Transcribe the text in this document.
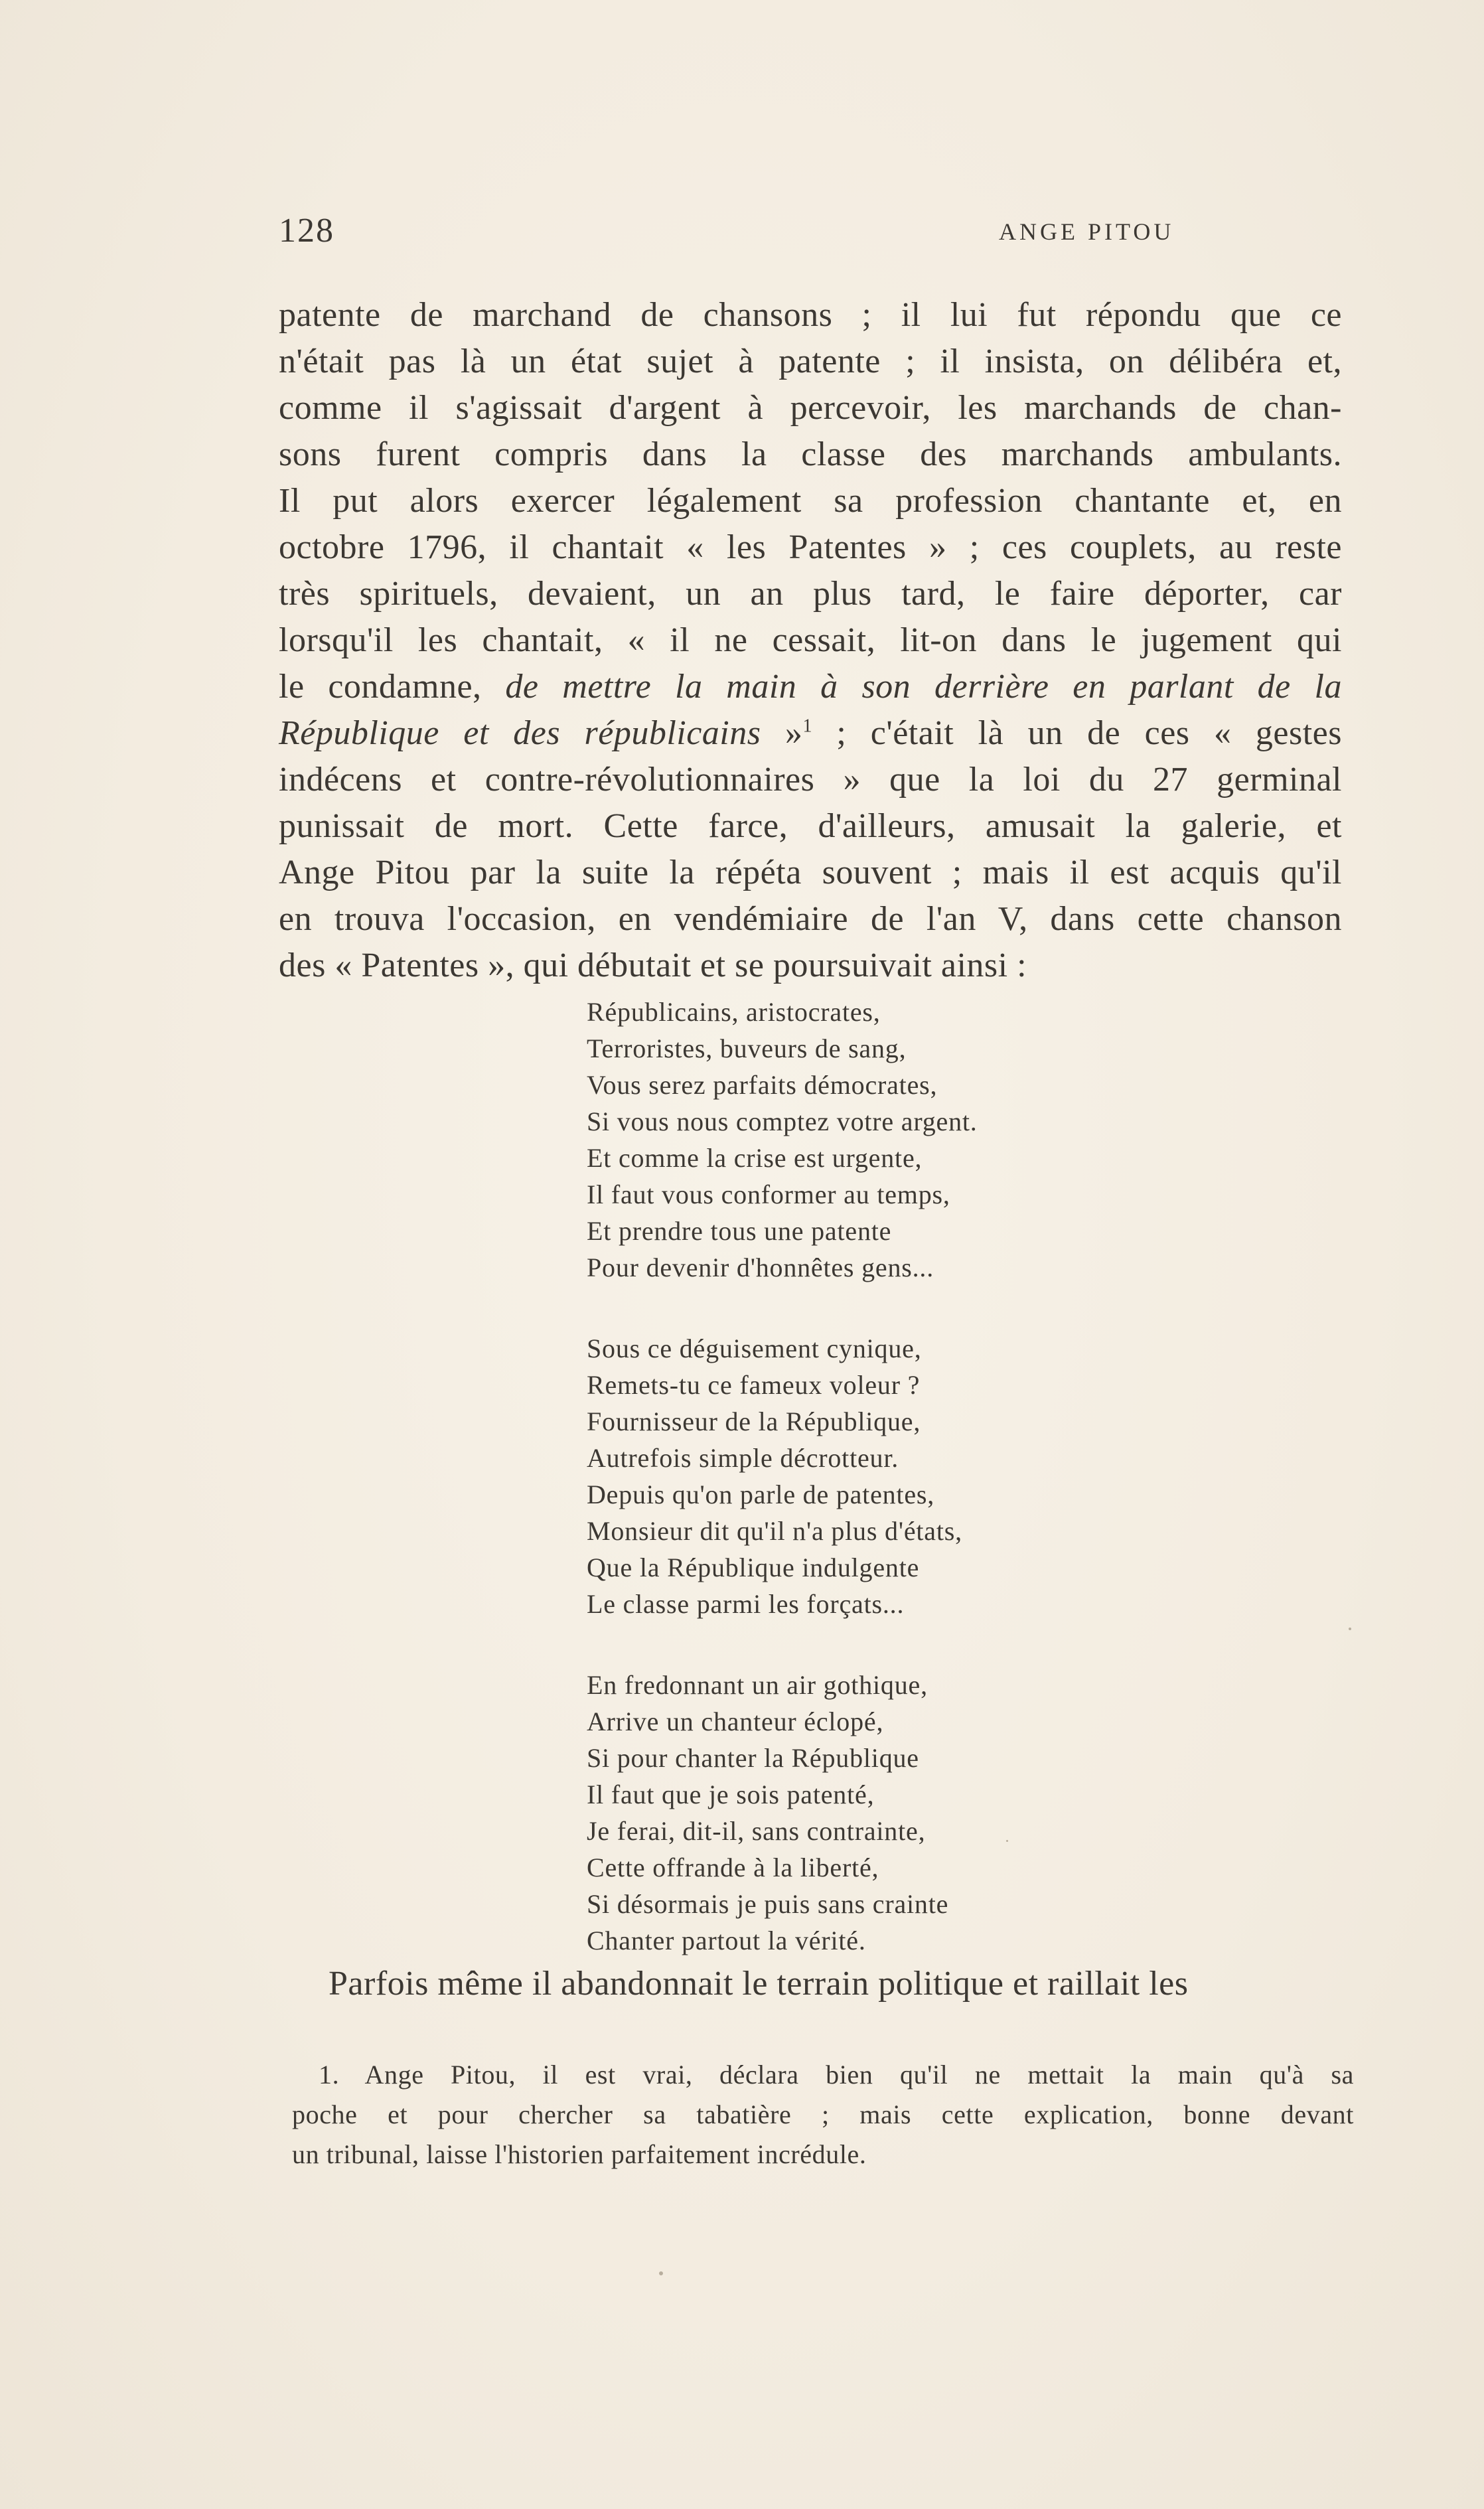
128	ANGE PITOU
patente de marchand de chansons ; il lui fut répondu que ce
n'était pas là un état sujet à patente ; il insista, on délibéra et,
comme il s'agissait d'argent à percevoir, les marchands de chan-
sons furent compris dans la classe des marchands ambulants.
Il put alors exercer légalement sa profession chantante et, en
octobre 1796, il chantait « les Patentes » ; ces couplets, au reste
très spirituels, devaient, un an plus tard, le faire déporter, car
lorsqu'il les chantait, « il ne cessait, lit-on dans le jugement qui
le condamne, de mettre la main à son derrière en parlant de la
République et des républicains »$^1$ ; c'était là un de ces « gestes
indécens et contre-révolutionnaires » que la loi du 27 germinal
punissait de mort. Cette farce, d'ailleurs, amusait la galerie, et
Ange Pitou par la suite la répéta souvent ; mais il est acquis qu'il
en trouva l'occasion, en vendémiaire de l'an V, dans cette chanson
des « Patentes », qui débutait et se poursuivait ainsi :
Républicains, aristocrates,
Terroristes, buveurs de sang,
Vous serez parfaits démocrates,
Si vous nous comptez votre argent.
Et comme la crise est urgente,
Il faut vous conformer au temps,
Et prendre tous une patente
Pour devenir d'honnêtes gens...
Sous ce déguisement cynique,
Remets-tu ce fameux voleur ?
Fournisseur de la République,
Autrefois simple décrotteur.
Depuis qu'on parle de patentes,
Monsieur dit qu'il n'a plus d'états,
Que la République indulgente
Le classe parmi les forçats...
En fredonnant un air gothique,
Arrive un chanteur éclopé,
Si pour chanter la République
Il faut que je sois patenté,
Je ferai, dit-il, sans contrainte,
Cette offrande à la liberté,
Si désormais je puis sans crainte
Chanter partout la vérité.
Parfois même il abandonnait le terrain politique et raillait les
1. Ange Pitou, il est vrai, déclara bien qu'il ne mettait la main qu'à sa
poche et pour chercher sa tabatière ; mais cette explication, bonne devant
un tribunal, laisse l'historien parfaitement incrédule.
